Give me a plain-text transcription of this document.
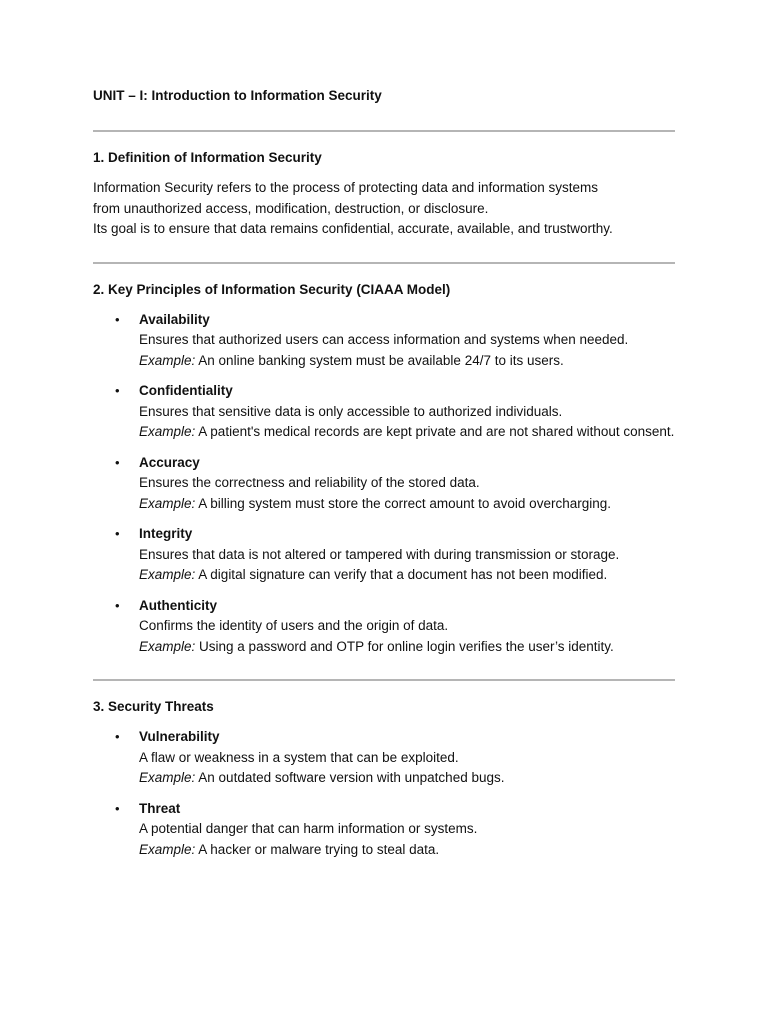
UNIT – I: Introduction to Information Security

1. Definition of Information Security

Information Security refers to the process of protecting data and information systems

from unauthorized access, modification, destruction, or disclosure.

Its goal is to ensure that data remains confidential, accurate, available, and trustworthy.

2. Key Principles of Information Security (CIAAA Model)

• Availability
Ensures that authorized users can access information and systems when needed.
Example: An online banking system must be available 24/7 to its users.
• Confidentiality
Ensures that sensitive data is only accessible to authorized individuals.
Example: A patient's medical records are kept private and are not shared without consent.
• Accuracy
Ensures the correctness and reliability of the stored data.
Example: A billing system must store the correct amount to avoid overcharging.
• Integrity
Ensures that data is not altered or tampered with during transmission or storage.
Example: A digital signature can verify that a document has not been modified.
• Authenticity
Confirms the identity of users and the origin of data.
Example: Using a password and OTP for online login verifies the user’s identity.

3. Security Threats

• Vulnerability
A flaw or weakness in a system that can be exploited.
Example: An outdated software version with unpatched bugs.
• Threat
A potential danger that can harm information or systems.
Example: A hacker or malware trying to steal data.
